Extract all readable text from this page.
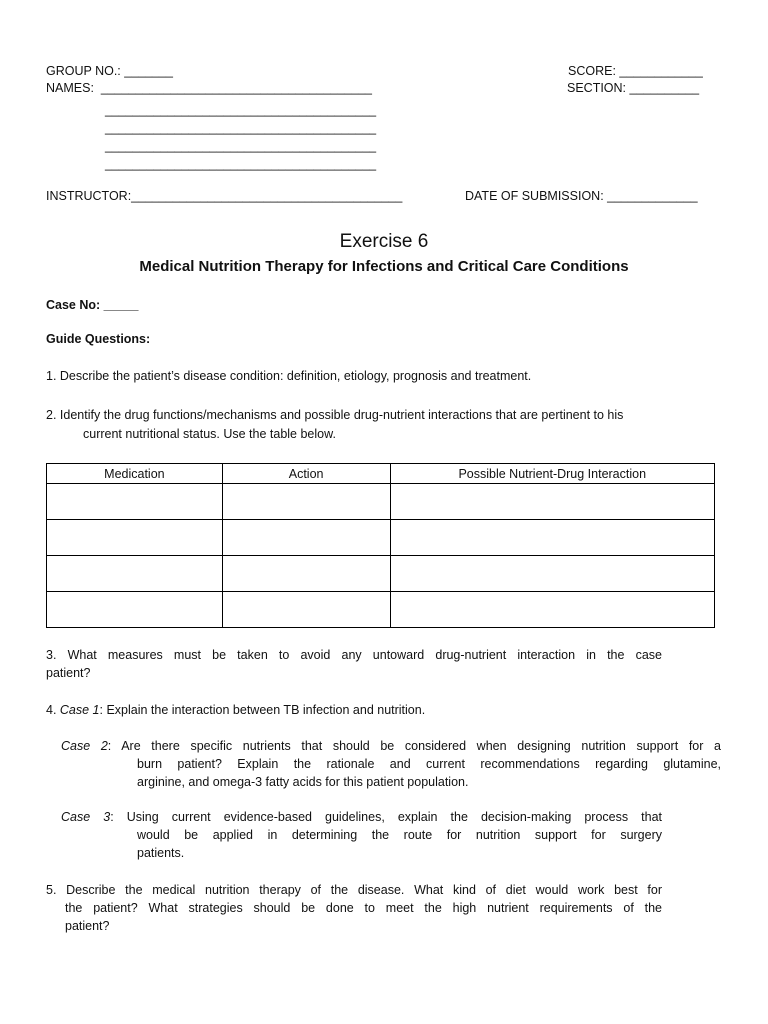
GROUP NO.: _______
NAMES:  _______________________________________
_______________________________________
_______________________________________
_______________________________________
_______________________________________
SCORE: ____________
SECTION: __________
INSTRUCTOR:_______________________________________	DATE OF SUBMISSION: _____________
Exercise 6
Medical Nutrition Therapy for Infections and Critical Care Conditions
Case No: _____
Guide Questions:
1. Describe the patient’s disease condition: definition, etiology, prognosis and treatment.
2. Identify the drug functions/mechanisms and possible drug-nutrient interactions that are pertinent to his
current nutritional status. Use the table below.
Medication	Action	Possible Nutrient-Drug Interaction

3. What measures must be taken to avoid any untoward drug-nutrient interaction in the case
patient?
4. Case 1: Explain the interaction between TB infection and nutrition.
Case 2: Are there specific nutrients that should be considered when designing nutrition support for a
burn patient? Explain the rationale and current recommendations regarding glutamine,
arginine, and omega-3 fatty acids for this patient population.
Case 3: Using current evidence-based guidelines, explain the decision-making process that
would be applied in determining the route for nutrition support for surgery
patients.
5. Describe the medical nutrition therapy of the disease. What kind of diet would work best for
the patient? What strategies should be done to meet the high nutrient requirements of the
patient?
